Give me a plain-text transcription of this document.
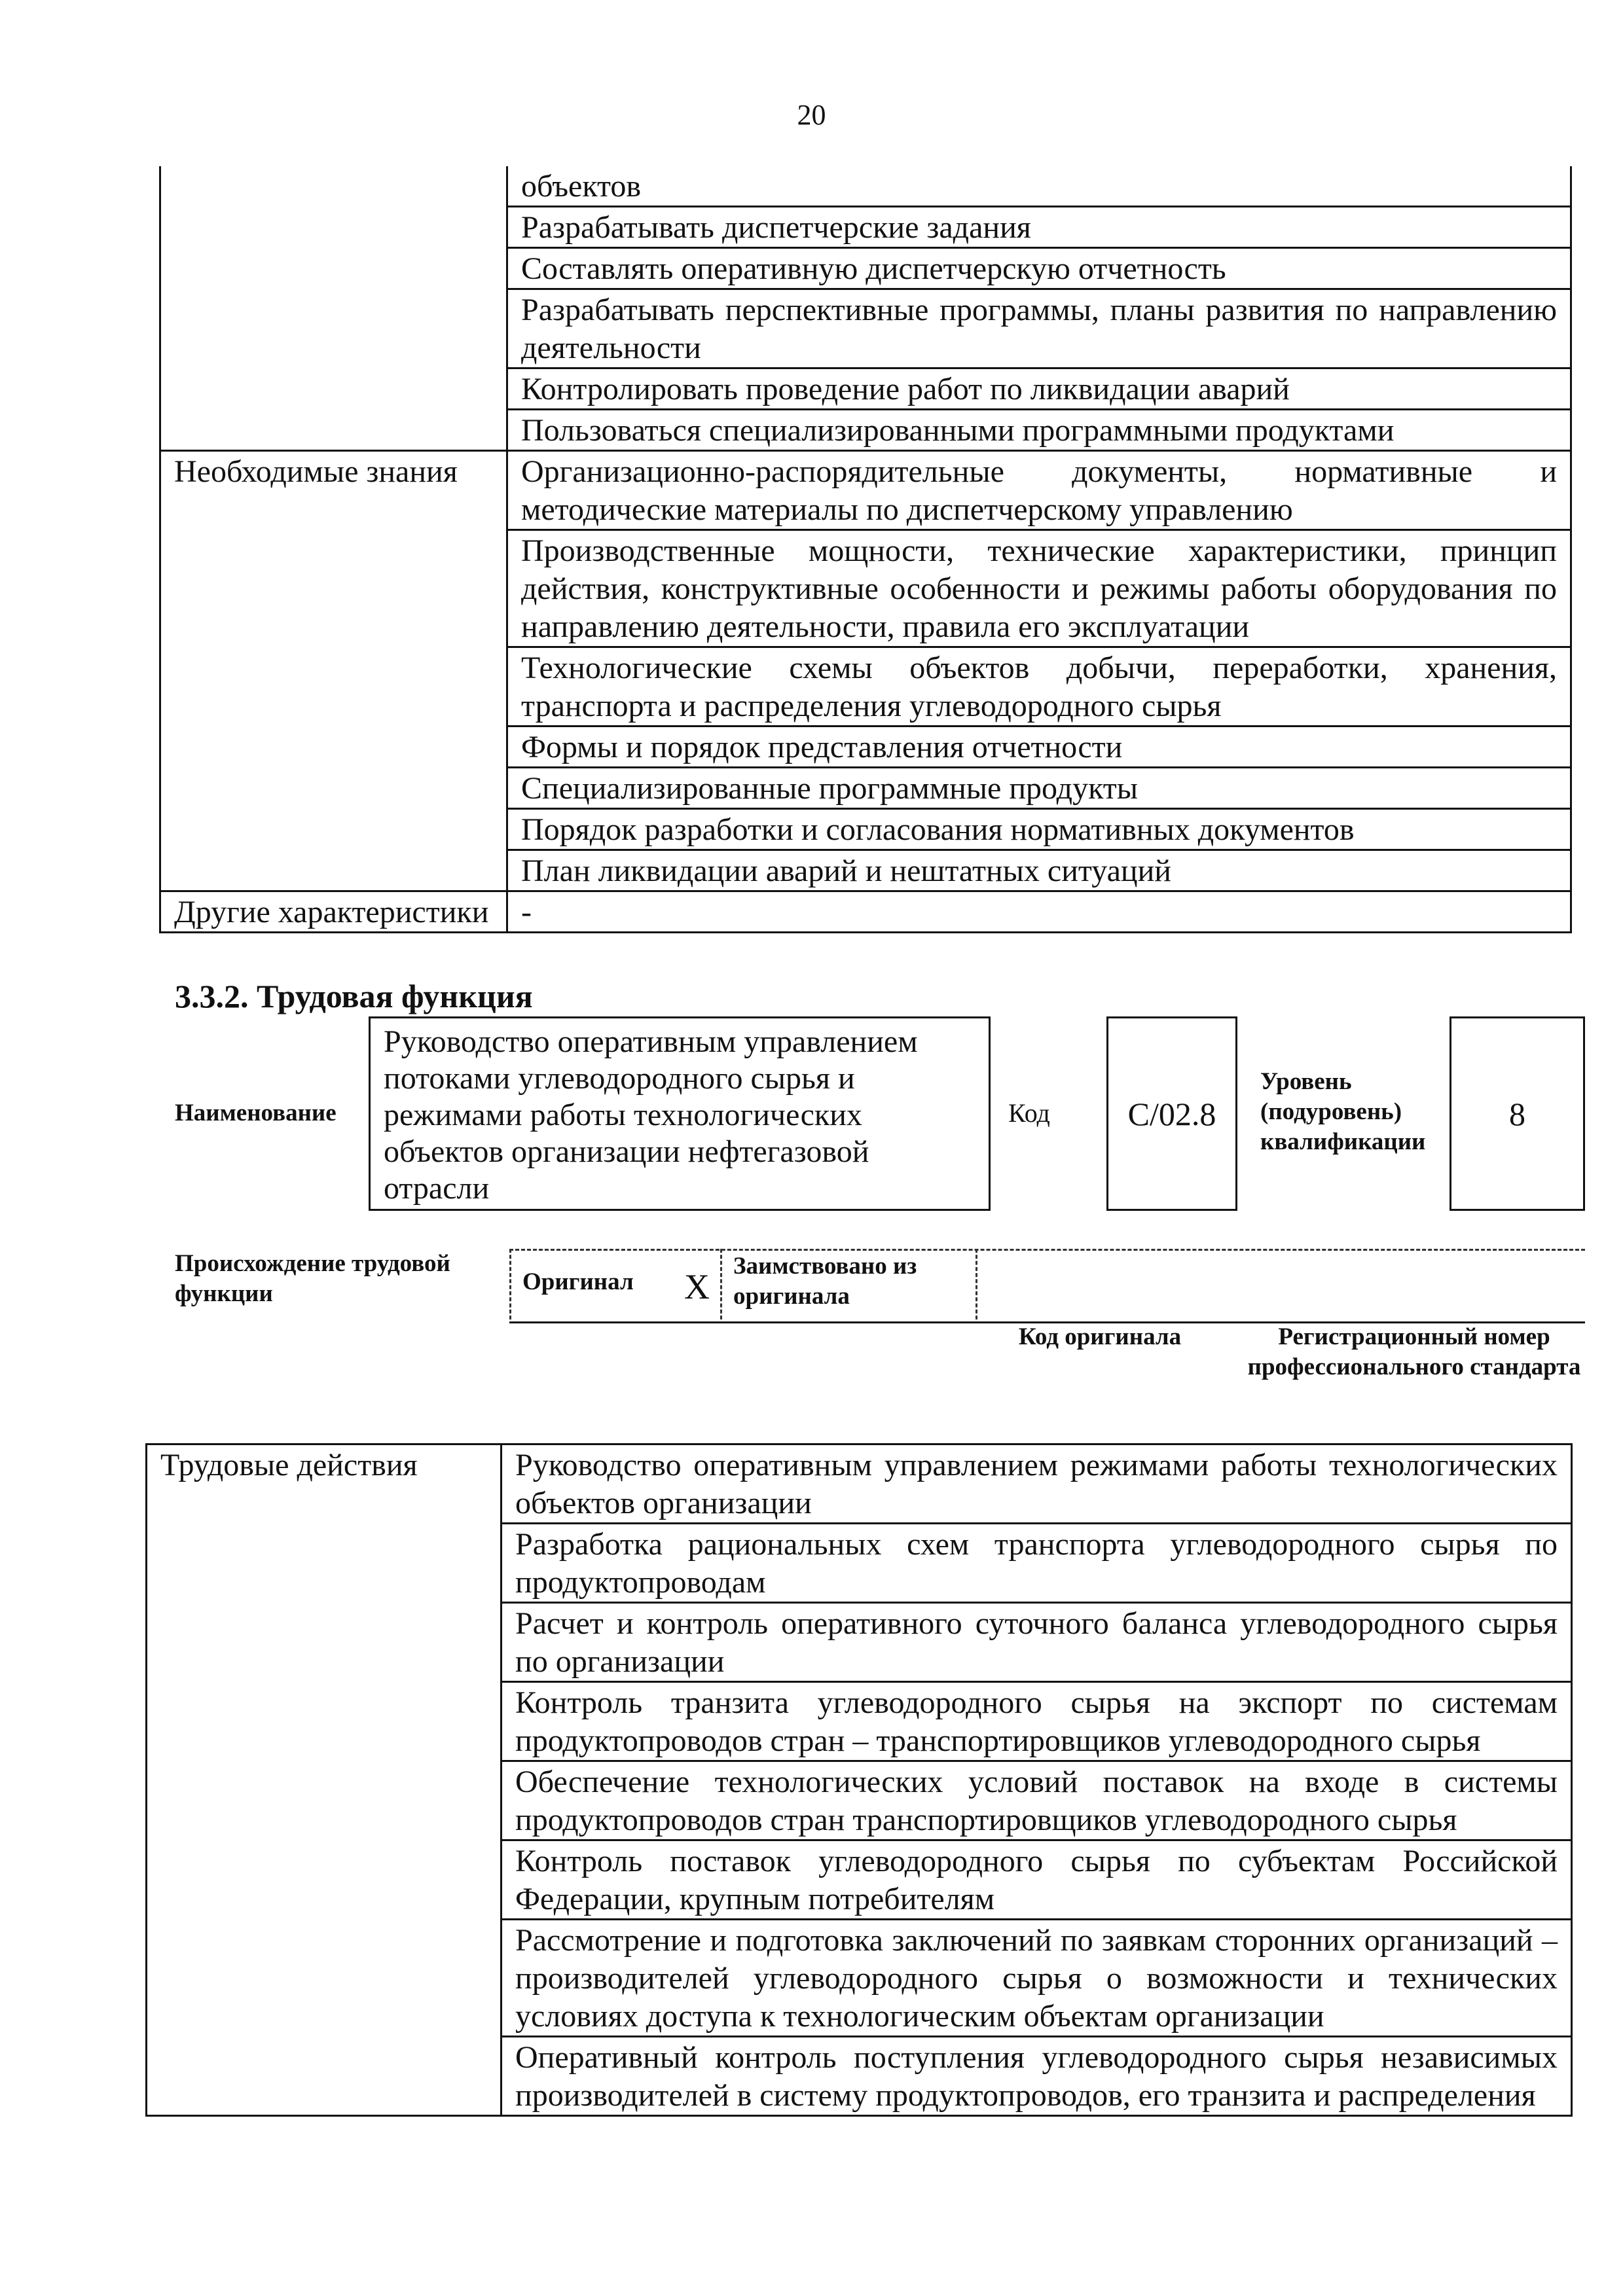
20
	объектов
	Разрабатывать диспетчерские задания
	Составлять оперативную диспетчерскую отчетность
	Разрабатывать перспективные программы, планы развития по направлению деятельности
	Контролировать проведение работ по ликвидации аварий
	Пользоваться специализированными программными продуктами
Необходимые знания	Организационно-распорядительные документы, нормативные и методические материалы по диспетчерскому управлению
	Производственные мощности, технические характеристики, принцип действия, конструктивные особенности и режимы работы оборудования по направлению деятельности, правила его эксплуатации
	Технологические схемы объектов добычи, переработки, хранения, транспорта и распределения углеводородного сырья
	Формы и порядок представления отчетности
	Специализированные программные продукты
	Порядок разработки и согласования нормативных документов
	План ликвидации аварий и нештатных ситуаций
Другие характеристики	-
3.3.2. Трудовая функция
Наименование
Руководство оперативным управлением потоками углеводородного сырья и режимами работы технологических объектов организации нефтегазовой отрасли
Код C/02.8
Уровень (подуровень) квалификации
8
Происхождение трудовой функции	Оригинал X
Заимствовано из оригинала
Код оригинала	Регистрационный номер профессионального стандарта
Трудовые действия	Руководство оперативным управлением режимами работы технологических объектов организации
Разработка рациональных схем транспорта углеводородного сырья по продуктопроводам
Расчет и контроль оперативного суточного баланса углеводородного сырья по организации
Контроль транзита углеводородного сырья на экспорт по системам продуктопроводов стран – транспортировщиков углеводородного сырья
Обеспечение технологических условий поставок на входе в системы продуктопроводов стран транспортировщиков углеводородного сырья
Контроль поставок углеводородного сырья по субъектам Российской Федерации, крупным потребителям
Рассмотрение и подготовка заключений по заявкам сторонних организаций – производителей углеводородного сырья о возможности и технических условиях доступа к технологическим объектам организации
Оперативный контроль поступления углеводородного сырья независимых производителей в систему продуктопроводов, его транзита и распределения
